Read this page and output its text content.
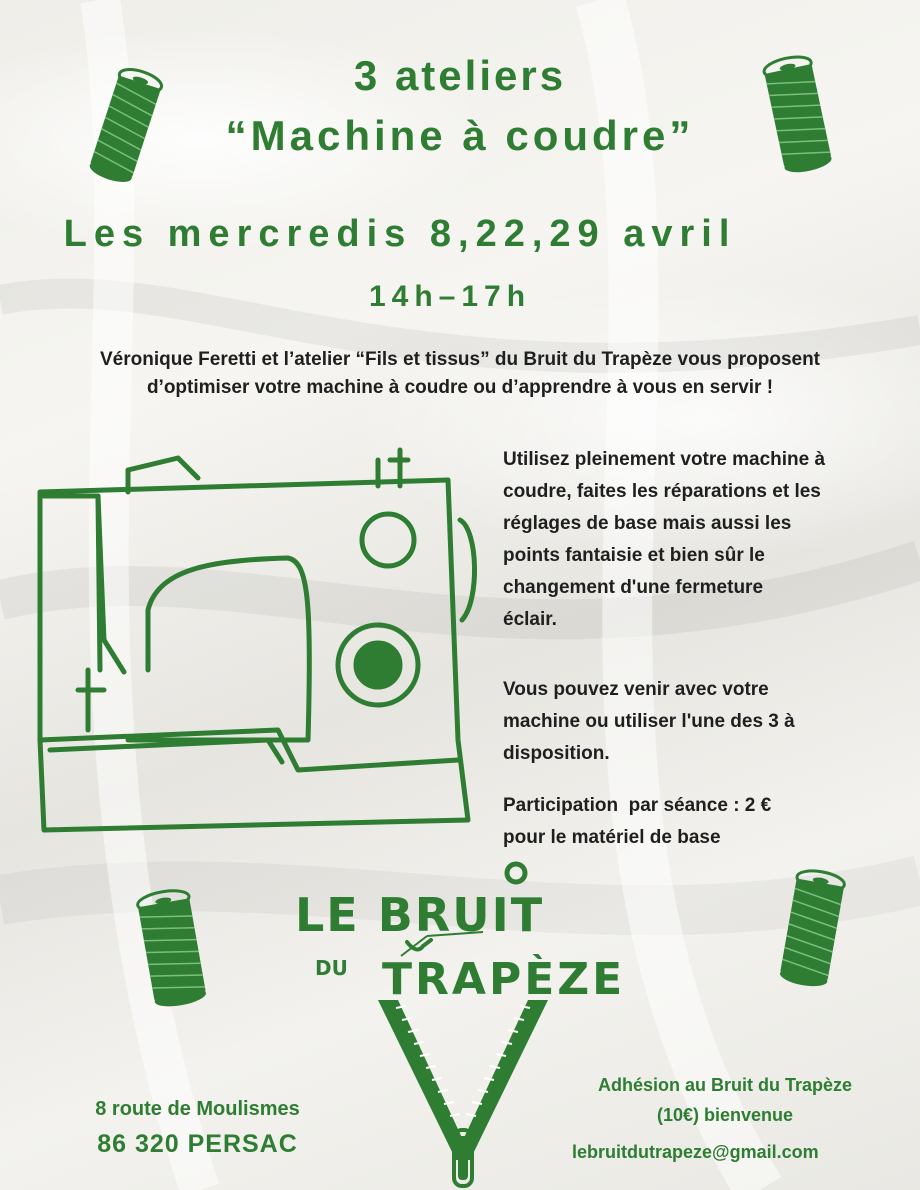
3 ateliers
“Machine à coudre”
Les mercredis 8,22,29 avril
14h–17h
Véronique Feretti et l’atelier “Fils et tissus” du Bruit du Trapèze vous proposent
d’optimiser votre machine à coudre ou d’apprendre à vous en servir !
Utilisez pleinement votre machine à
coudre, faites les réparations et les
réglages de base mais aussi les
points fantaisie et bien sûr le
changement d'une fermeture
éclair.
Vous pouvez venir avec votre
machine ou utiliser l'une des 3 à
disposition.
Participation  par séance : 2 €
pour le matériel de base
LE BRUIT
DU TRAPÈZE
8 route de Moulismes
86 320 PERSAC
Adhésion au Bruit du Trapèze
(10€) bienvenue
lebruitdutrapeze@gmail.com
